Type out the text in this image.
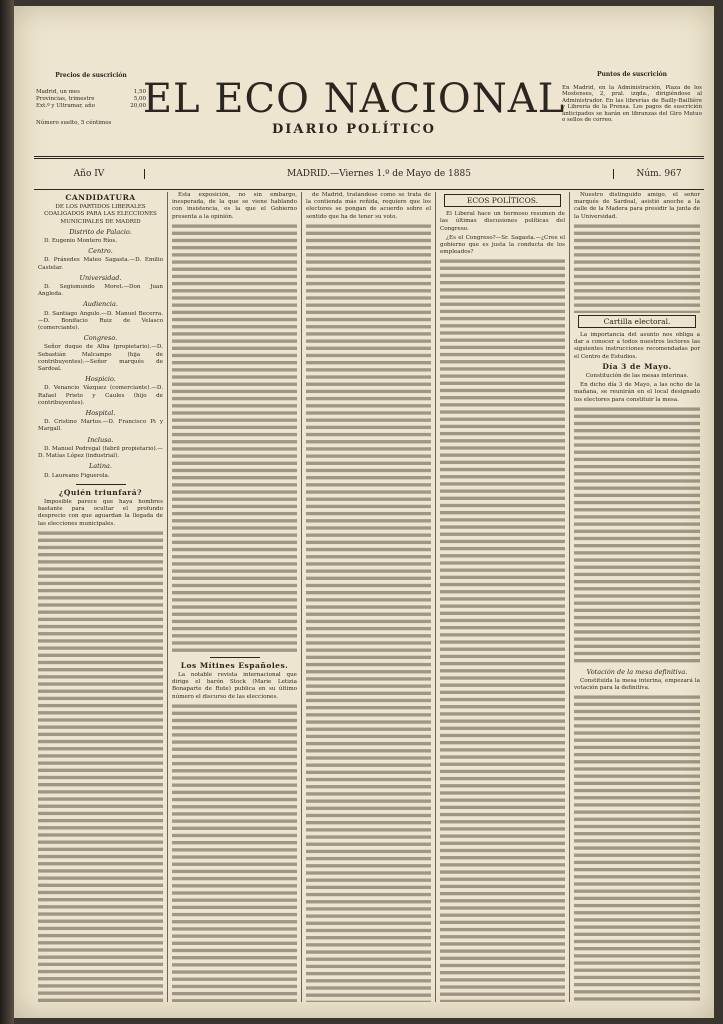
Precios de suscrición
Madrid, un mes	1,50
Provincias, trimestre	5,00
Ext.º y Ultramar, año	20,00
Número suelto, 5 céntimos
EL ECO NACIONAL
DIARIO POLÍTICO
Puntos de suscrición
En Madrid, en la Administración, Plaza de los Mostenses, 2, pral. izqda., dirigiéndose al Administrador. En las librerías de Bailly-Baillière y Librería de la Prensa. Los pagos de suscrición anticipados se harán en libranzas del Giro Mutuo o sellos de correo.
Año IV	MADRID.—Viernes 1.º de Mayo de 1885	Núm. 967
CANDIDATURA

DE LOS PARTIDOS LIBERALES COALIGADOS PARA LAS ELECCIONES MUNICIPALES DE MADRID

Distrito de Palacio.

D. Eugenio Montero Ríos.

Centro.

D. Práxedes Mateo Sagasta.—D. Emilio Castelar.

Universidad.

D. Segismundo Moret.—Don Juan Angleda.

Audiencia.

D. Santiago Angulo.—D. Manuel Becerra.—D. Bonifacio Ruiz de Velasco (comerciante).

Congreso.

Señor duque de Alba (propietario).—D. Sebastián Malcampo (hija de contribuyentes).—Señor marqués de Sardoal.

Hospicio.

D. Venancio Vázquez (comerciante).—D. Rafael Prieto y Caules (hijo de contribuyentes).

Hospital.

D. Cristino Martos.—D. Francisco Pi y Margall.

Inclusa.

D. Manuel Pedregal (fabril propietario).—D. Matías López (industrial).

Latina.

D. Laureano Figuerola.

¿Quién triunfará?

Imposible parece que haya hombres bastante para ocultar el profundo desprecio con que aguardan la llegada de las elecciones municipales.

Esta exposición, no sin embargo, inesperada, de la que se viene hablando con insistencia, es la que el Gobierno presenta a la opinión.

Los Mítines Españoles.

La notable revista internacional que dirige el barón Stock (Marie Letizia Bonaparte de Rute) publica en su último número el discurso de las elecciones.

de Madrid, tratándose como se trata de la contienda más reñida, requiere que los electores se pongan de acuerdo sobre el sentido que ha de tener su voto.

ECOS POLÍTICOS.

El Liberal hace un hermoso resumen de las últimas discusiones políticas del Congreso.

¿Es el Congreso?—Sr. Sagasta.—¿Cree el gobierno que es justa la conducta de los empleados?

Nuestro distinguido amigo, el señor marqués de Sardoal, asistió anoche a la calle de la Madera para presidir la junta de la Universidad.

Cartilla electoral.

La importancia del asunto nos obliga a dar a conocer a todos nuestros lectores las siguientes instrucciones recomendadas por el Centro de Estudios.

Día 3 de Mayo.

Constitución de las mesas interinas.

En dicho día 3 de Mayo, a las ocho de la mañana, se reunirán en el local designado los electores para constituir la mesa.

Votación de la mesa definitiva.

Constituida la mesa interina, empezará la votación para la definitiva.
